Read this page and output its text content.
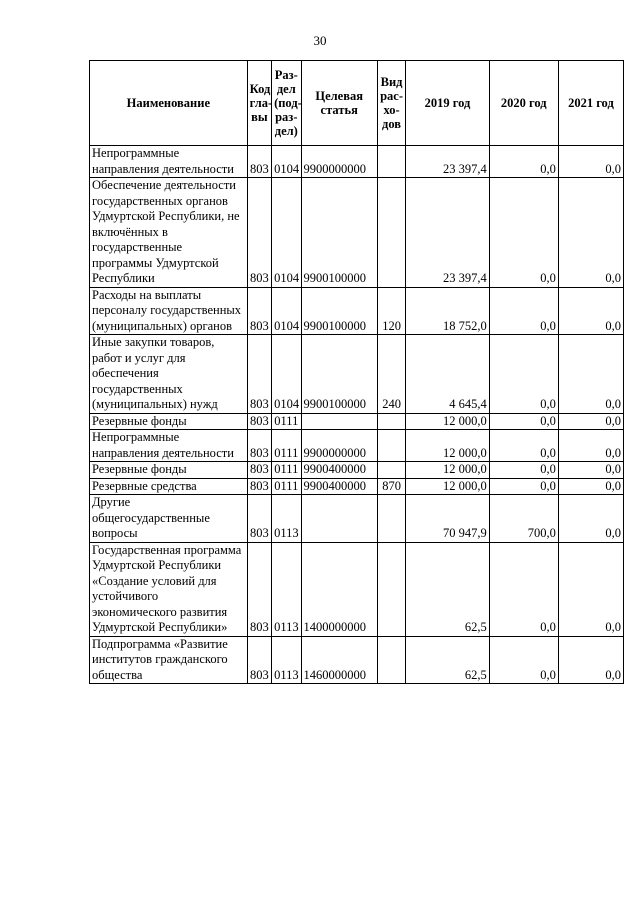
30
Наименование	Код гла- вы	Раз- дел (под- раз- дел)	Целевая статья	Вид рас- хо- дов	2019 год	2020 год	2021 год
Непрограммные направления деятельности	803	0104	9900000000		23 397,4	0,0	0,0
Обеспечение деятельности государственных органов Удмуртской Республики, не включённых в государственные программы Удмуртской Республики	803	0104	9900100000		23 397,4	0,0	0,0
Расходы на выплаты персоналу государственных (муниципальных) органов	803	0104	9900100000	120	18 752,0	0,0	0,0
Иные закупки товаров, работ и услуг для обеспечения государственных (муниципальных) нужд	803	0104	9900100000	240	4 645,4	0,0	0,0
Резервные фонды	803	0111			12 000,0	0,0	0,0
Непрограммные направления деятельности	803	0111	9900000000		12 000,0	0,0	0,0
Резервные фонды	803	0111	9900400000		12 000,0	0,0	0,0
Резервные средства	803	0111	9900400000	870	12 000,0	0,0	0,0
Другие общегосударственные вопросы	803	0113			70 947,9	700,0	0,0
Государственная программа Удмуртской Республики «Создание условий для устойчивого экономического развития Удмуртской Республики»	803	0113	1400000000		62,5	0,0	0,0
Подпрограмма «Развитие институтов гражданского общества	803	0113	1460000000		62,5	0,0	0,0
